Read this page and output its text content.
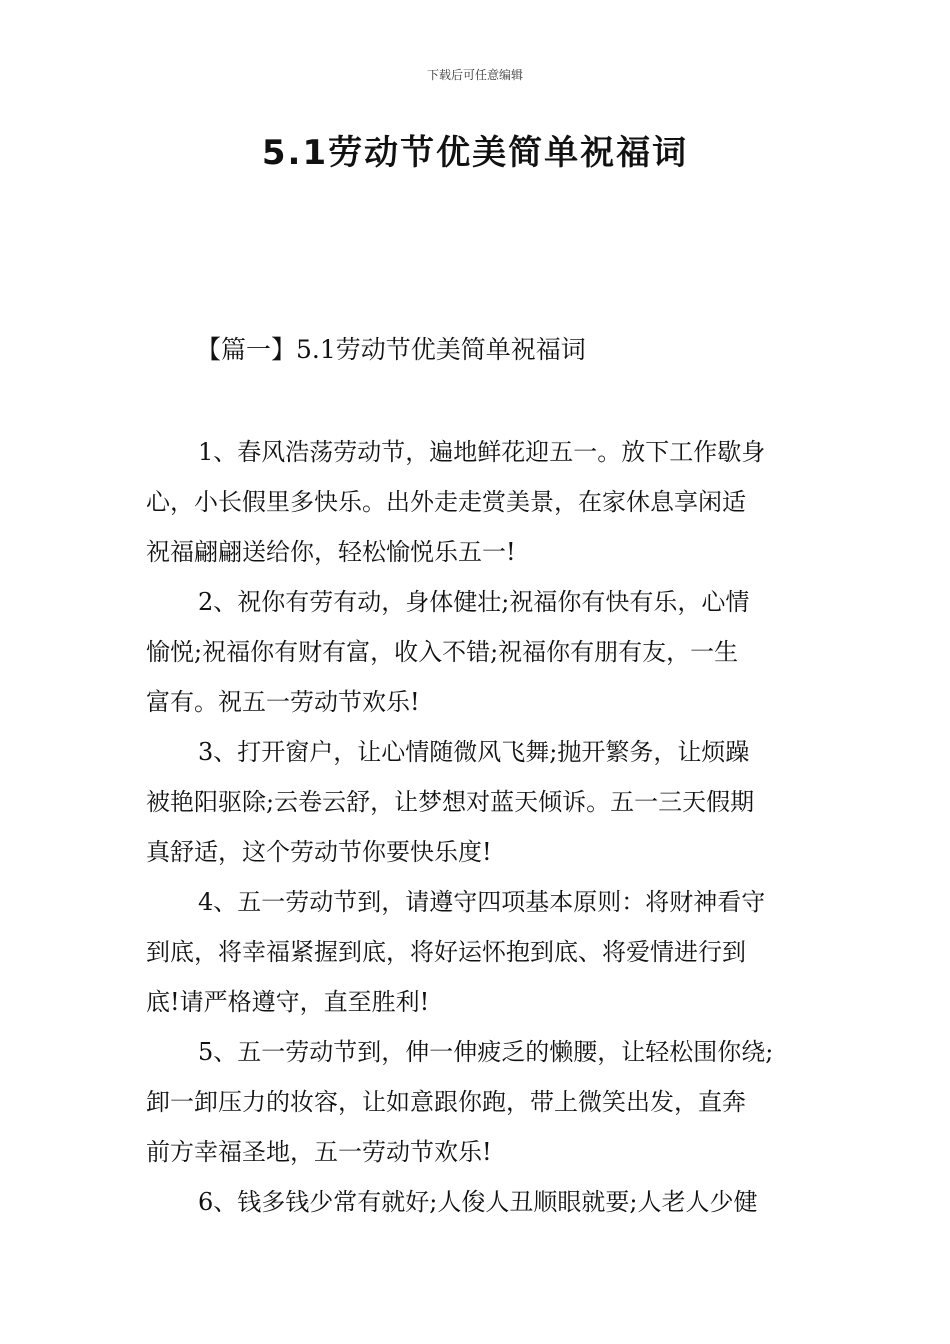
下载后可任意编辑
5.1劳动节优美简单祝福词
【篇一】5.1劳动节优美简单祝福词
1、春风浩荡劳动节，遍地鲜花迎五一。放下工作歇身
心，小长假里多快乐。出外走走赏美景，在家休息享闲适
祝福翩翩送给你，轻松愉悦乐五一!
2、祝你有劳有动，身体健壮;祝福你有快有乐，心情
愉悦;祝福你有财有富，收入不错;祝福你有朋有友，一生
富有。祝五一劳动节欢乐!
3、打开窗户，让心情随微风飞舞;抛开繁务，让烦躁
被艳阳驱除;云卷云舒，让梦想对蓝天倾诉。五一三天假期
真舒适，这个劳动节你要快乐度!
4、五一劳动节到，请遵守四项基本原则：将财神看守
到底，将幸福紧握到底，将好运怀抱到底、将爱情进行到
底!请严格遵守，直至胜利!
5、五一劳动节到，伸一伸疲乏的懒腰，让轻松围你绕;
卸一卸压力的妆容，让如意跟你跑，带上微笑出发，直奔
前方幸福圣地，五一劳动节欢乐!
6、钱多钱少常有就好;人俊人丑顺眼就要;人老人少健
